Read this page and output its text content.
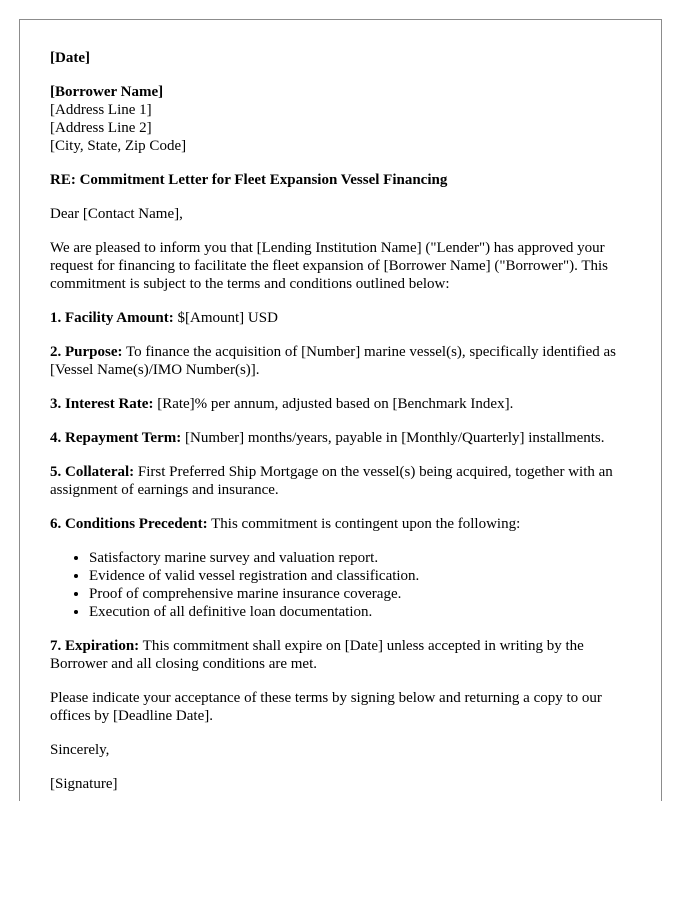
[Date]

[Borrower Name]
[Address Line 1]
[Address Line 2]
[City, State, Zip Code]

RE: Commitment Letter for Fleet Expansion Vessel Financing

Dear [Contact Name],

We are pleased to inform you that [Lending Institution Name] ("Lender") has approved your request for financing to facilitate the fleet expansion of [Borrower Name] ("Borrower"). This commitment is subject to the terms and conditions outlined below:

1. Facility Amount: $[Amount] USD

2. Purpose: To finance the acquisition of [Number] marine vessel(s), specifically identified as [Vessel Name(s)/IMO Number(s)].

3. Interest Rate: [Rate]% per annum, adjusted based on [Benchmark Index].

4. Repayment Term: [Number] months/years, payable in [Monthly/Quarterly] installments.

5. Collateral: First Preferred Ship Mortgage on the vessel(s) being acquired, together with an assignment of earnings and insurance.

6. Conditions Precedent: This commitment is contingent upon the following:

• Satisfactory marine survey and valuation report.
• Evidence of valid vessel registration and classification.
• Proof of comprehensive marine insurance coverage.
• Execution of all definitive loan documentation.

7. Expiration: This commitment shall expire on [Date] unless accepted in writing by the Borrower and all closing conditions are met.

Please indicate your acceptance of these terms by signing below and returning a copy to our offices by [Deadline Date].

Sincerely,

[Signature]
